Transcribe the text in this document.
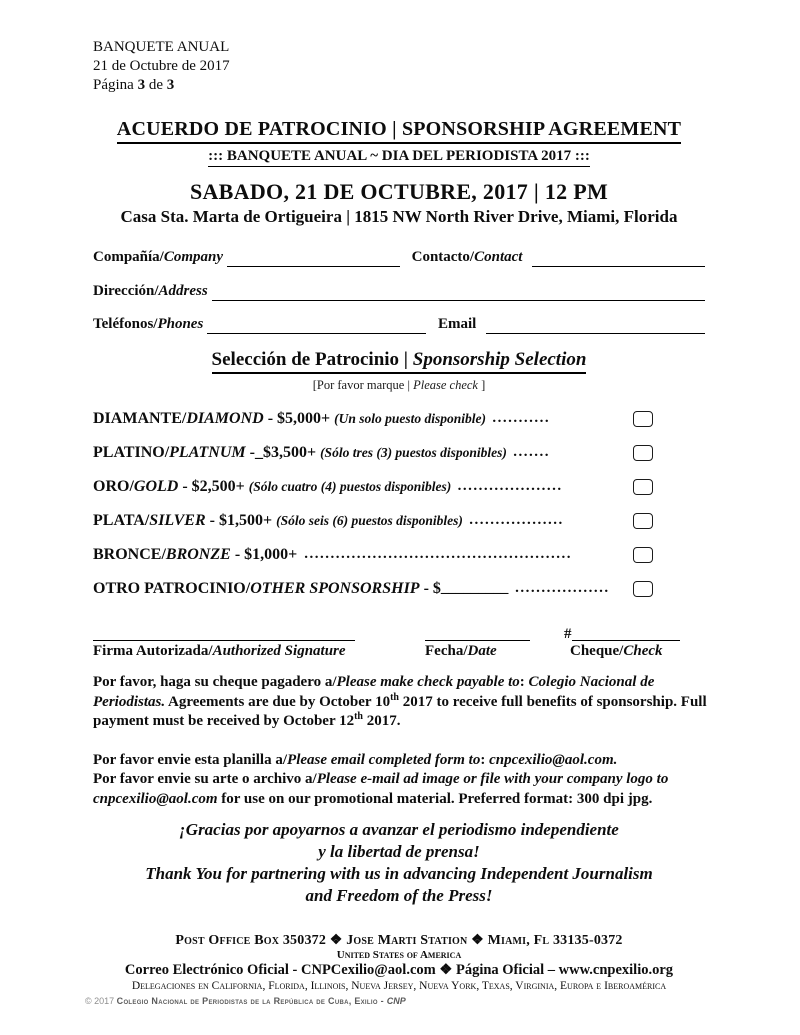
BANQUETE ANUAL
21 de Octubre de 2017
Página 3 de 3
ACUERDO DE PATROCINIO | SPONSORSHIP AGREEMENT
::: BANQUETE ANUAL ~ DIA DEL PERIODISTA 2017 :::
SABADO, 21 DE OCTUBRE, 2017 | 12 PM
Casa Sta. Marta de Ortigueira | 1815 NW North River Drive, Miami, Florida
Compañía/Company	Contacto/Contact
Dirección/Address
Teléfonos/Phones	Email
Selección de Patrocinio | Sponsorship Selection
[Por favor marque | Please check ]
DIAMANTE/ DIAMOND - $5,000+ (Un solo puesto disponible) ...........
PLATINO/ PLATNUM -_$3,500+ (Sólo tres (3) puestos disponibles) .......
ORO/ GOLD - $2,500+ (Sólo cuatro (4) puestos disponibles) ....................
PLATA/ SILVER - $1,500+ (Sólo seis (6) puestos disponibles) ..................
BRONCE/ BRONZE - $1,000+ ...................................................
OTRO PATROCINIO/ OTHER SPONSORSHIP - $ _________ ..................
#
Firma Autorizada/Authorized Signature	Fecha/Date	Cheque/Check
Por favor, haga su cheque pagadero a/Please make check payable to: Colegio Nacional de Periodistas. Agreements are due by October 10th 2017 to receive full benefits of sponsorship. Full payment must be received by October 12th 2017.
Por favor envie esta planilla a/Please email completed form to: cnpcexilio@aol.com.
Por favor envie su arte o archivo a/Please e-mail ad image or file with your company logo to cnpcexilio@aol.com for use on our promotional material. Preferred format: 300 dpi jpg.
¡Gracias por apoyarnos a avanzar el periodismo independiente
y la libertad de prensa!
Thank You for partnering with us in advancing Independent Journalism
and Freedom of the Press!
Post Office Box 350372 ❖ Jose Marti Station ❖ Miami, Fl 33135-0372
United States of America
Correo Electrónico Oficial - CNPCexilio@aol.com ❖ Página Oficial – www.cnpexilio.org
Delegaciones en California, Florida, Illinois, Nueva Jersey, Nueva York, Texas, Virginia, Europa e Iberoamérica
© 2017 Colegio Nacional de Periodistas de la República de Cuba, Exilio - CNP
